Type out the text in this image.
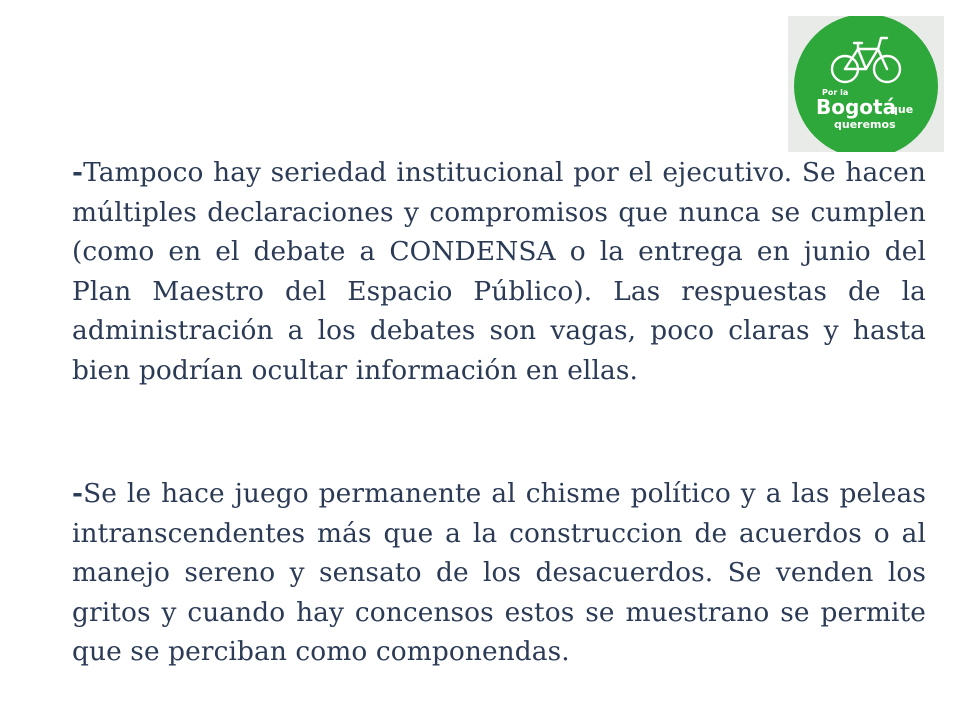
Por la
Bogotá
que
queremos

-Tampoco hay seriedad institucional por el ejecutivo. Se hacen múltiples declaraciones y compromisos que nunca se cumplen (como en el debate a CONDENSA o la entrega en junio del Plan Maestro del Espacio Público). Las respuestas de la administración a los debates son vagas, poco claras y hasta bien podrían ocultar información en ellas.

-Se le hace juego permanente al chisme político y a las peleas intranscendentes más que a la construccion de acuerdos o al manejo sereno y sensato de los desacuerdos. Se venden los gritos y cuando hay concensos estos se muestrano se permite que se perciban como componendas.
